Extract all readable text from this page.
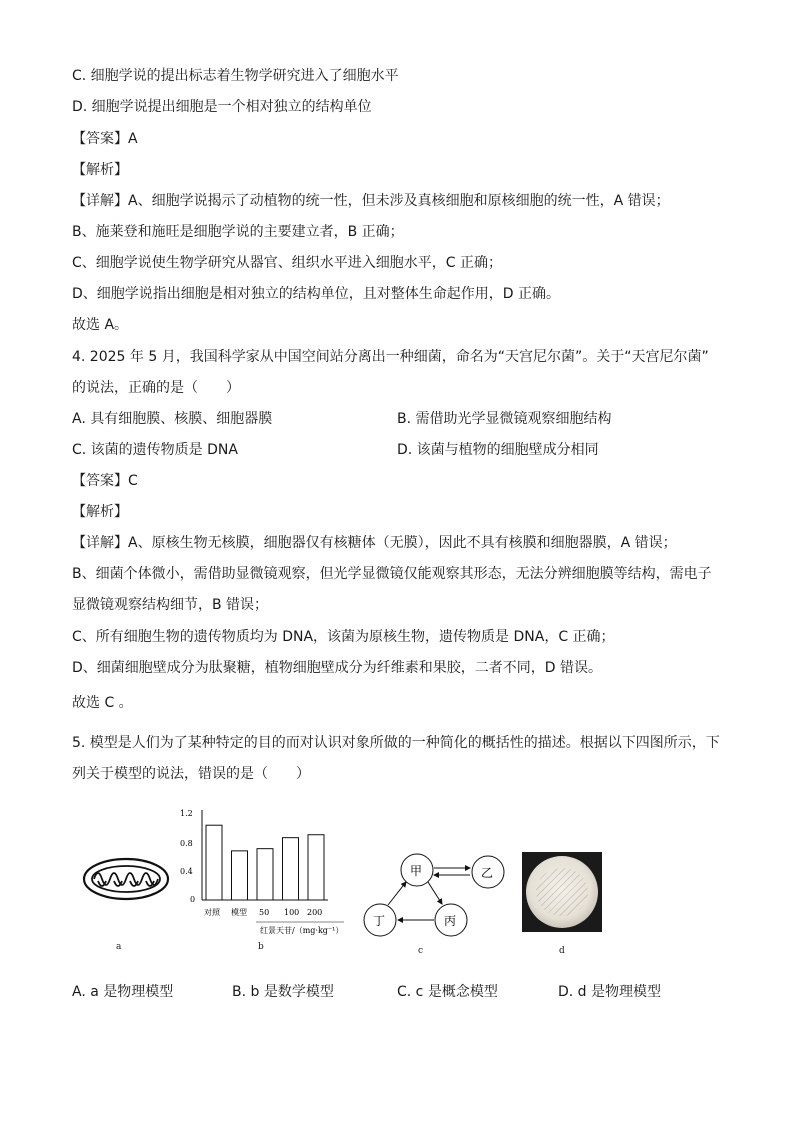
C. 细胞学说的提出标志着生物学研究进入了细胞水平
D. 细胞学说提出细胞是一个相对独立的结构单位
【答案】A
【解析】
【详解】A、细胞学说揭示了动植物的统一性，但未涉及真核细胞和原核细胞的统一性，A 错误；
B、施莱登和施旺是细胞学说的主要建立者，B 正确；
C、细胞学说使生物学研究从器官、组织水平进入细胞水平，C 正确；
D、细胞学说指出细胞是相对独立的结构单位，且对整体生命起作用，D 正确。
故选 A。
4. 2025 年 5 月，我国科学家从中国空间站分离出一种细菌，命名为“天宫尼尔菌”。关于“天宫尼尔菌”
的说法，正确的是（　　）
A. 具有细胞膜、核膜、细胞器膜	B. 需借助光学显微镜观察细胞结构
C. 该菌的遗传物质是 DNA	D. 该菌与植物的细胞壁成分相同
【答案】C
【解析】
【详解】A、原核生物无核膜，细胞器仅有核糖体（无膜），因此不具有核膜和细胞器膜，A 错误；
B、细菌个体微小，需借助显微镜观察，但光学显微镜仅能观察其形态，无法分辨细胞膜等结构，需电子
显微镜观察结构细节，B 错误；
C、所有细胞生物的遗传物质均为 DNA，该菌为原核生物，遗传物质是 DNA，C 正确；
D、细菌细胞壁成分为肽聚糖，植物细胞壁成分为纤维素和果胶，二者不同，D 错误。
故选 C 。
5. 模型是人们为了某种特定的目的而对认识对象所做的一种简化的概括性的描述。根据以下四图所示，下
列关于模型的说法，错误的是（　　）
a
1.2
0.8
0.4
0
对照 模型 50 100 200
红景天苷/（mg·kg⁻¹）
b
甲	乙
丙
丁
c	d
A. a 是物理模型	B. b 是数学模型	C. c 是概念模型	D. d 是物理模型
